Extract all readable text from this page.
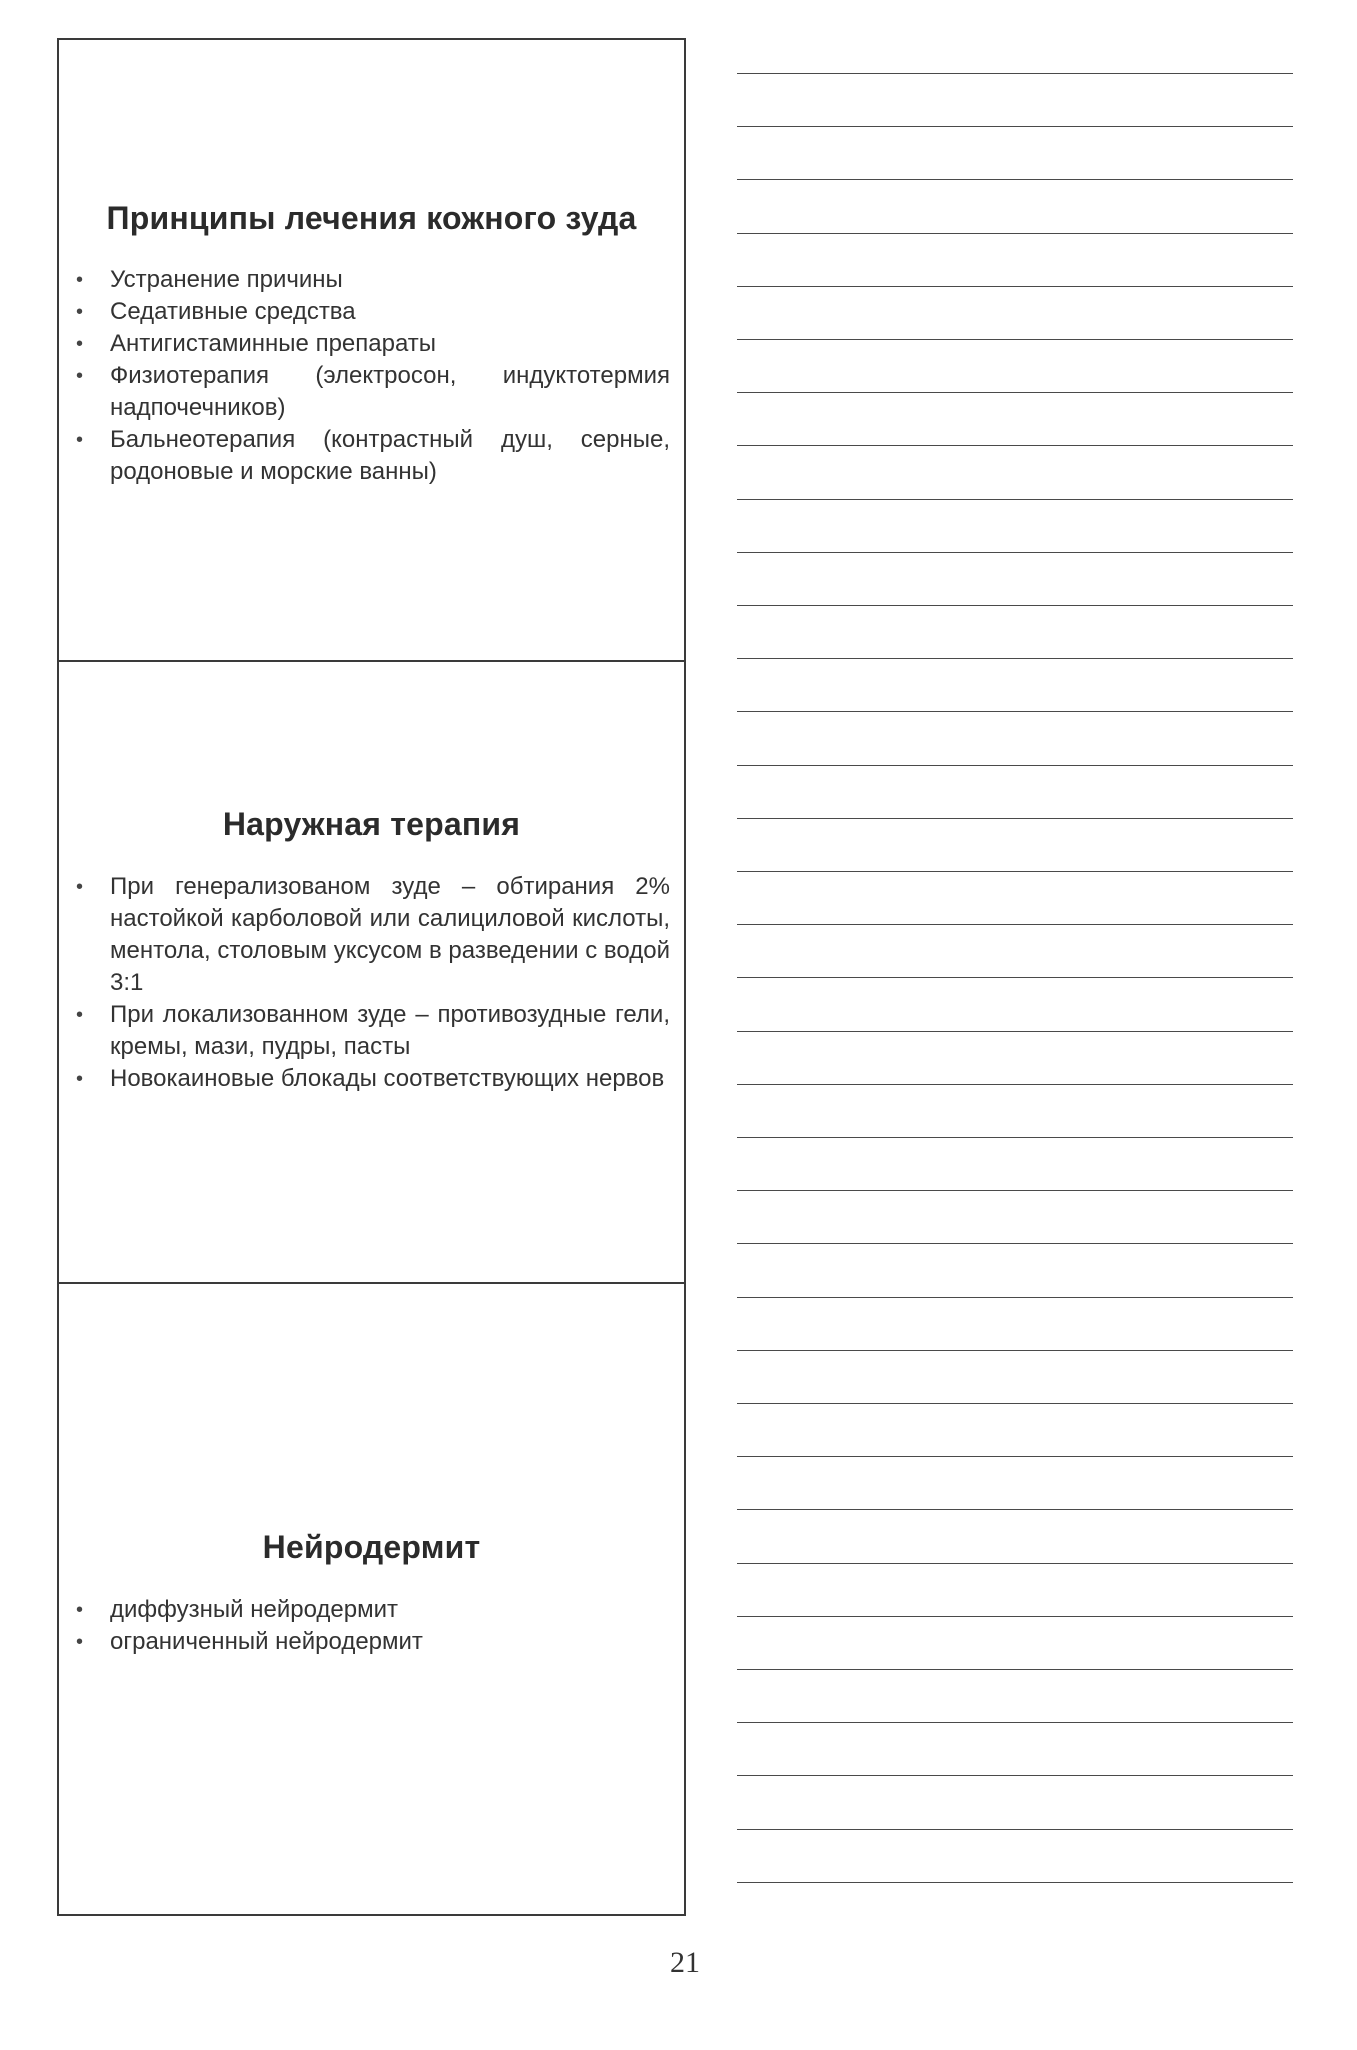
Принципы лечения кожного зуда
• Устранение причины
• Седативные средства
• Антигистаминные препараты
• Физиотерапия (электросон, индуктотермия надпочечников)
• Бальнеотерапия (контрастный душ, серные, родоновые и морские ванны)
Наружная терапия
• При генерализованом зуде – обтирания 2% настойкой карболовой или салициловой кислоты, ментола, столовым уксусом в разведении с водой 3:1
• При локализованном зуде – противозудные гели, кремы, мази, пудры, пасты
• Новокаиновые блокады соответствующих нервов
Нейродермит
• диффузный нейродермит
• ограниченный нейродермит
21
